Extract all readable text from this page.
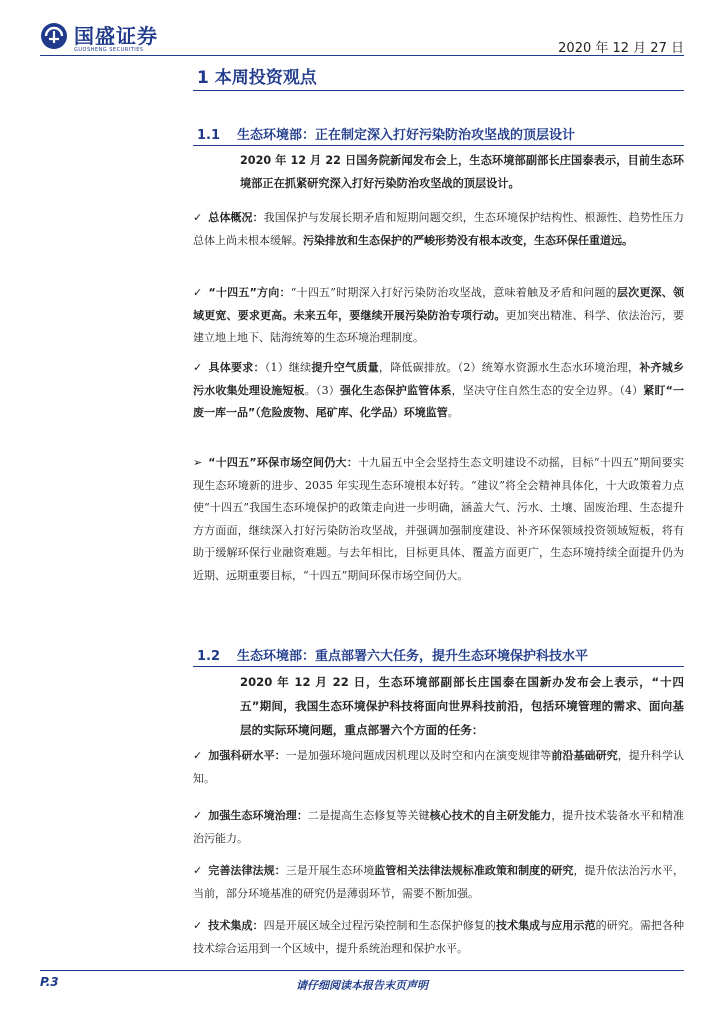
国盛证券
GUOSHENG SECURITIES	2020 年 12 月 27 日
1 本周投资观点
1.1 生态环境部：正在制定深入打好污染防治攻坚战的顶层设计
2020 年 12 月 22 日国务院新闻发布会上，生态环境部副部长庄国泰表示，目前生态环境部正在抓紧研究深入打好污染防治攻坚战的顶层设计。
✓ 总体概况：我国保护与发展长期矛盾和短期问题交织，生态环境保护结构性、根源性、趋势性压力总体上尚未根本缓解。污染排放和生态保护的严峻形势没有根本改变，生态环保任重道远。
✓ “十四五”方向：“十四五”时期深入打好污染防治攻坚战，意味着触及矛盾和问题的层次更深、领域更宽、要求更高。未来五年，要继续开展污染防治专项行动。更加突出精准、科学、依法治污，要建立地上地下、陆海统筹的生态环境治理制度。
✓ 具体要求：（1）继续提升空气质量，降低碳排放。（2）统筹水资源水生态水环境治理，补齐城乡污水收集处理设施短板。（3）强化生态保护监管体系，坚决守住自然生态的安全边界。（4）紧盯“一废一库一品”（危险废物、尾矿库、化学品）环境监管。
➢ “十四五”环保市场空间仍大：十九届五中全会坚持生态文明建设不动摇，目标“十四五”期间要实现生态环境新的进步、2035 年实现生态环境根本好转。“建议”将全会精神具体化，十大政策着力点使“十四五”我国生态环境保护的政策走向进一步明确，涵盖大气、污水、土壤、固废治理、生态提升方方面面，继续深入打好污染防治攻坚战，并强调加强制度建设、补齐环保领域投资领域短板，将有助于缓解环保行业融资难题。与去年相比，目标更具体、覆盖方面更广，生态环境持续全面提升仍为近期、远期重要目标，“十四五”期间环保市场空间仍大。
1.2 生态环境部：重点部署六大任务，提升生态环境保护科技水平
2020 年 12 月 22 日，生态环境部副部长庄国泰在国新办发布会上表示，“十四五”期间，我国生态环境保护科技将面向世界科技前沿，包括环境管理的需求、面向基层的实际环境问题，重点部署六个方面的任务：
✓ 加强科研水平：一是加强环境问题成因机理以及时空和内在演变规律等前沿基础研究，提升科学认知。
✓ 加强生态环境治理：二是提高生态修复等关键核心技术的自主研发能力，提升技术装备水平和精准治污能力。
✓ 完善法律法规：三是开展生态环境监管相关法律法规标准政策和制度的研究，提升依法治污水平，当前，部分环境基准的研究仍是薄弱环节，需要不断加强。
✓ 技术集成：四是开展区域全过程污染控制和生态保护修复的技术集成与应用示范的研究。需把各种技术综合运用到一个区域中，提升系统治理和保护水平。
P.3	请仔细阅读本报告末页声明
